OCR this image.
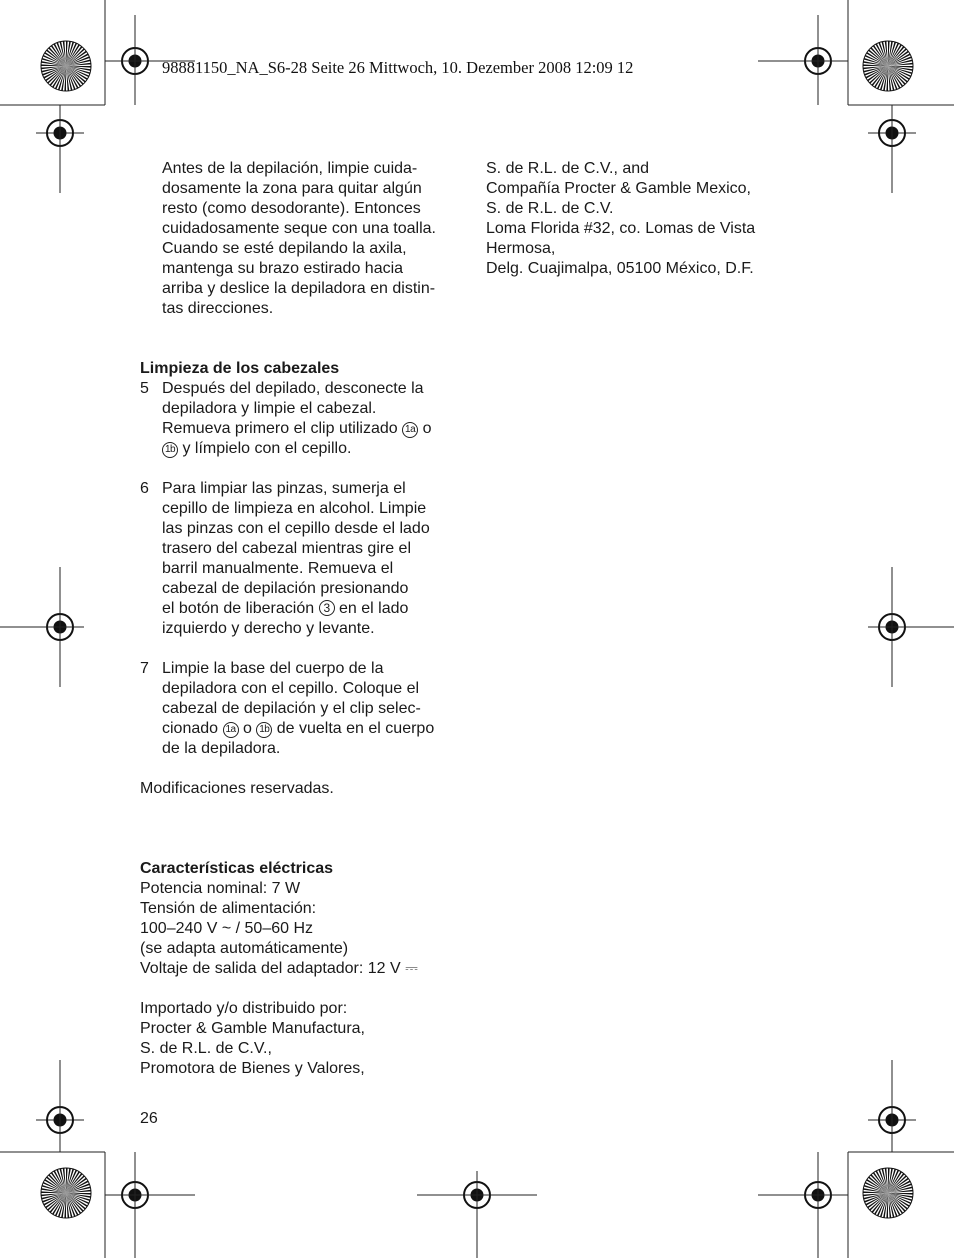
98881150_NA_S6-28 Seite 26 Mittwoch, 10. Dezember 2008 12:09 12
Antes de la depilación, limpie cuida-
dosamente la zona para quitar algún
resto (como desodorante). Entonces
cuidadosamente seque con una toalla.
Cuando se esté depilando la axila,
mantenga su brazo estirado hacia
arriba y deslice la depiladora en distin-
tas direcciones.

Limpieza de los cabezales

5 Después del depilado, desconecte la
depiladora y limpie el cabezal.
Remueva primero el clip utilizado 1a o
1b y límpielo con el cepillo.
6 Para limpiar las pinzas, sumerja el
cepillo de limpieza en alcohol. Limpie
las pinzas con el cepillo desde el lado
trasero del cabezal mientras gire el
barril manualmente. Remueva el
cabezal de depilación presionando
el botón de liberación 3 en el lado
izquierdo y derecho y levante.
7 Limpie la base del cuerpo de la
depiladora con el cepillo. Coloque el
cabezal de depilación y el clip selec-
cionado 1a o 1b de vuelta en el cuerpo
de la depiladora.

Modificaciones reservadas.

Características eléctricas

Potencia nominal: 7 W
Tensión de alimentación:
100–240 V ~ / 50–60 Hz
(se adapta automáticamente)
Voltaje de salida del adaptador: 12 V ⎓
Importado y/o distribuido por:
Procter & Gamble Manufactura,
S. de R.L. de C.V.,
Promotora de Bienes y Valores,
S. de R.L. de C.V., and
Compañía Procter & Gamble Mexico,
S. de R.L. de C.V.
Loma Florida #32, co. Lomas de Vista
Hermosa,
Delg. Cuajimalpa, 05100 México, D.F.
26
